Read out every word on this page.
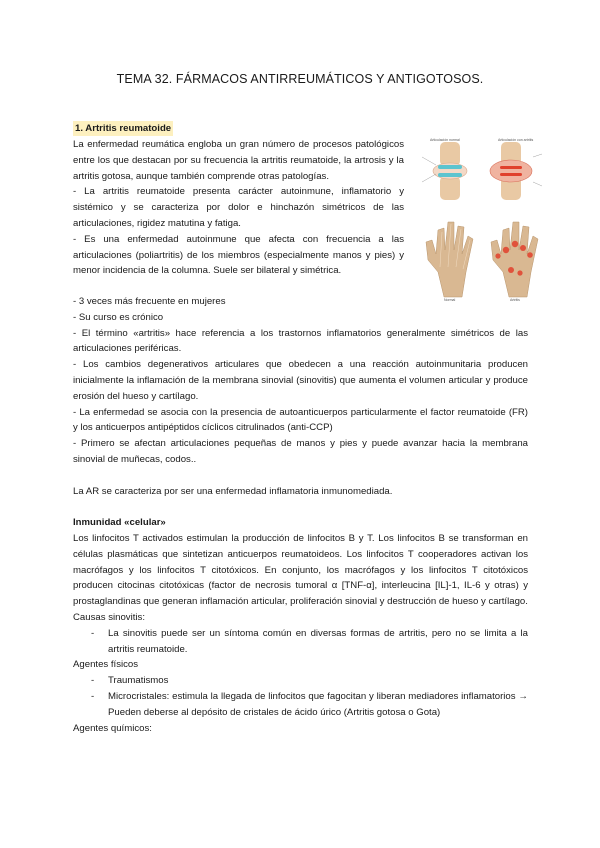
TEMA 32. FÁRMACOS ANTIRREUMÁTICOS Y ANTIGOTOSOS.
1. Artritis reumatoide

La enfermedad reumática engloba un gran número de procesos patológicos entre los que destacan por su frecuencia la artritis reumatoide, la artrosis y la artritis gotosa, aunque también comprende otras patologías.

- La artritis reumatoide presenta carácter autoinmune, inflamatorio y sistémico y se caracteriza por dolor e hinchazón simétricos de las articulaciones, rigidez matutina y fatiga.

- Es una enfermedad autoinmune que afecta con frecuencia a las articulaciones (poliartritis) de los miembros (especialmente manos y pies) y menor incidencia de la columna. Suele ser bilateral y simétrica.

Articulación normal	Articulación con artritis
Normal	Artritis

- 3 veces más frecuente en mujeres

- Su curso es crónico

- El término «artritis» hace referencia a los trastornos inflamatorios generalmente simétricos de las articulaciones periféricas.

- Los cambios degenerativos articulares que obedecen a una reacción autoinmunitaria producen inicialmente la inflamación de la membrana sinovial (sinovitis) que aumenta el volumen articular y produce erosión del hueso y cartílago.

- La enfermedad se asocia con la presencia de autoanticuerpos particularmente el factor reumatoide (FR) y los anticuerpos antipéptidos cíclicos citrulinados (anti-CCP)

- Primero se afectan articulaciones pequeñas de manos y pies y puede avanzar hacia la membrana sinovial de muñecas, codos..

La AR se caracteriza por ser una enfermedad inflamatoria inmunomediada.

Inmunidad «celular»

Los linfocitos T activados estimulan la producción de linfocitos B y T. Los linfocitos B se transforman en células plasmáticas que sintetizan anticuerpos reumatoideos. Los linfocitos T cooperadores activan los macrófagos y los linfocitos T citotóxicos. En conjunto, los macrófagos y los linfocitos T citotóxicos producen citocinas citotóxicas (factor de necrosis tumoral α [TNF-α], interleucina [IL]-1, IL-6 y otras) y prostaglandinas que generan inflamación articular, proliferación sinovial y destrucción de hueso y cartílago.

Causas sinovitis:

- La sinovitis puede ser un síntoma común en diversas formas de artritis, pero no se limita a la artritis reumatoide.

Agentes físicos

- Traumatismos

- Microcristales: estimula la llegada de linfocitos que fagocitan y liberan mediadores inflamatorios → Pueden deberse al depósito de cristales de ácido úrico (Artritis gotosa o Gota)

Agentes químicos:
